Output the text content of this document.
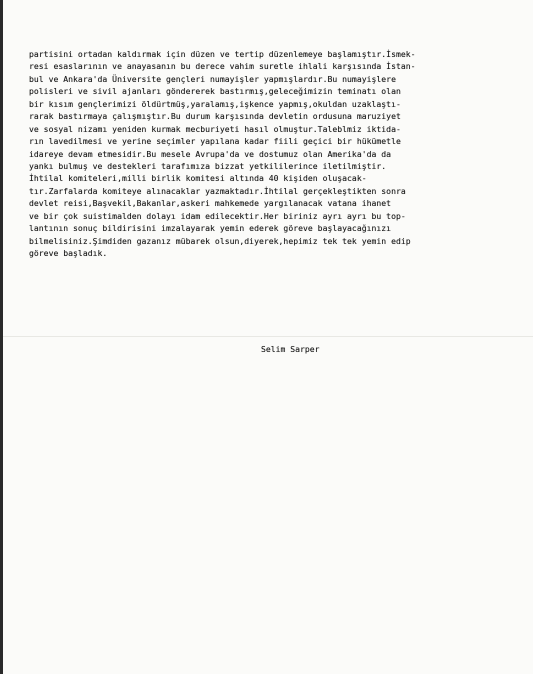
partisini ortadan kaldırmak için düzen ve tertip düzenlemeye başlamıştır.İsmek-
resi esaslarının ve anayasanın bu derece vahim suretle ihlali karşısında İstan-
bul ve Ankara'da Üniversite gençleri numayişler yapmışlardır.Bu numayişlere
polisleri ve sivil ajanları göndererek bastırmış,geleceğimizin teminatı olan
bir kısım gençlerimizi öldürtmüş,yaralamış,işkence yapmış,okuldan uzaklaştı-
rarak bastırmaya çalışmıştır.Bu durum karşısında devletin ordusuna maruziyet
ve sosyal nizamı yeniden kurmak mecburiyeti hasıl olmuştur.Taleblmiz iktida-
rın lavedilmesi ve yerine seçimler yapılana kadar fiili geçici bir hükümetle
idareye devam etmesidir.Bu mesele Avrupa'da ve dostumuz olan Amerika'da da
yankı bulmuş ve destekleri tarafımıza bizzat yetkililerince iletilmiştir.
İhtilal komiteleri,milli birlik komitesi altında 40 kişiden oluşacak-
tır.Zarfalarda komiteye alınacaklar yazmaktadır.İhtilal gerçekleştikten sonra
devlet reisi,Başvekil,Bakanlar,askeri mahkemede yargılanacak vatana ihanet
ve bir çok suistimalden dolayı idam edilecektir.Her biriniz ayrı ayrı bu top-
lantının sonuç bildirisini imzalayarak yemin ederek göreve başlayacağınızı
bilmelisiniz.Şimdiden gazanız mübarek olsun,diyerek,hepimiz tek tek yemin edip
göreve başladık.
Selim Sarper
